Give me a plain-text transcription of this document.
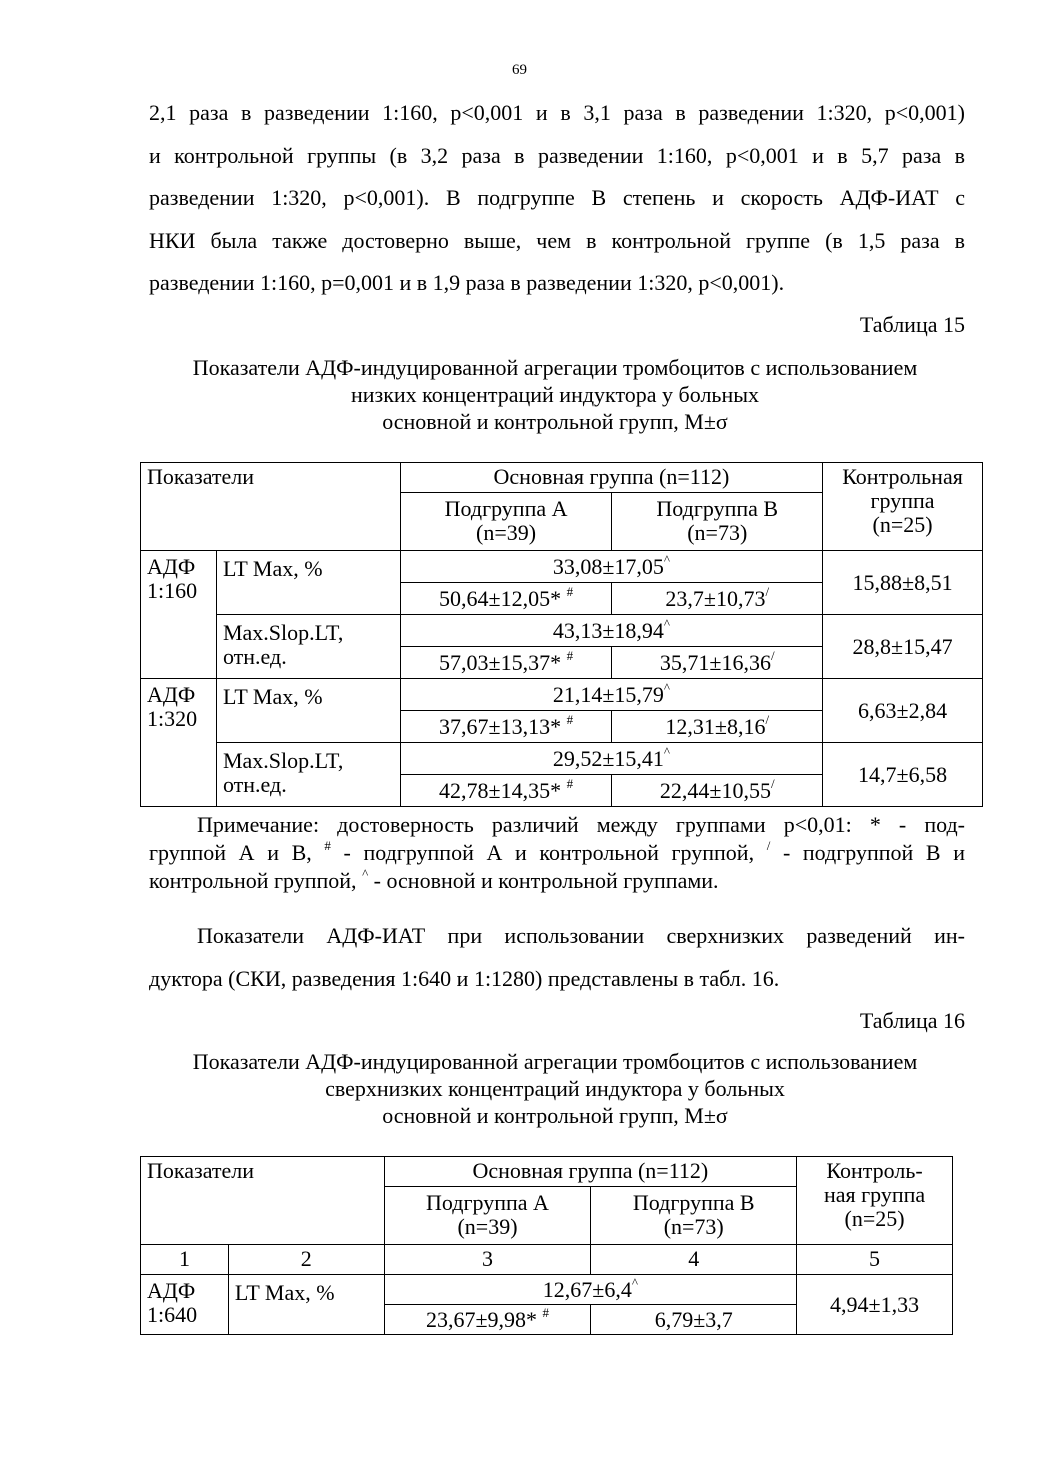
69
2,1 раза в разведении 1:160, p<0,001 и в 3,1 раза в разведении 1:320, p<0,001)
и контрольной группы (в 3,2 раза в разведении 1:160, p<0,001 и в 5,7 раза в
разведении 1:320, p<0,001). В подгруппе В степень и скорость АДФ-ИАТ с
НКИ была также достоверно выше, чем в контрольной группе (в 1,5 раза в
разведении 1:160, p=0,001 и в 1,9 раза в разведении 1:320, p<0,001).
Таблица 15
Показатели АДФ-индуцированной агрегации тромбоцитов с использованием
низких концентраций индуктора у больных
основной и контрольной групп, М±σ
Показатели		Основная группа (n=112)		Контрольная
группа
(n=25)

		Подгруппа А
(n=39)	Подгруппа В
(n=73)	

АДФ
1:160	LT Max, %	33,08±17,05^		15,88±8,51
		50,64±12,05* #	23,7±10,73/

	Max.Slop.LT,
отн.ед.	43,13±18,94^		28,8±15,47
		57,03±15,37* #	35,71±16,36/

АДФ
1:320	LT Max, %	21,14±15,79^		6,63±2,84
		37,67±13,13* #	12,31±8,16/

	Max.Slop.LT,
отн.ед.	29,52±15,41^		14,7±6,58
		42,78±14,35* #	22,44±10,55/
Примечание: достоверность различий между группами р<0,01: * - под-
группой А и В, # - подгруппой А и контрольной группой, / - подгруппой В и
контрольной группой, ^ - основной и контрольной группами.
Показатели АДФ-ИАТ при использовании сверхнизких разведений ин-
дуктора (СКИ, разведения 1:640 и 1:1280) представлены в табл. 16.
Таблица 16
Показатели АДФ-индуцированной агрегации тромбоцитов с использованием
сверхнизких концентраций индуктора у больных
основной и контрольной групп, М±σ
Показатели		Основная группа (n=112)		Контроль-
ная группа
(n=25)

		Подгруппа А
(n=39)	Подгруппа В
(n=73)	

1	2	3	4	5

АДФ
1:640	LT Max, %	12,67±6,4^		4,94±1,33
		23,67±9,98* #	6,79±3,7	
